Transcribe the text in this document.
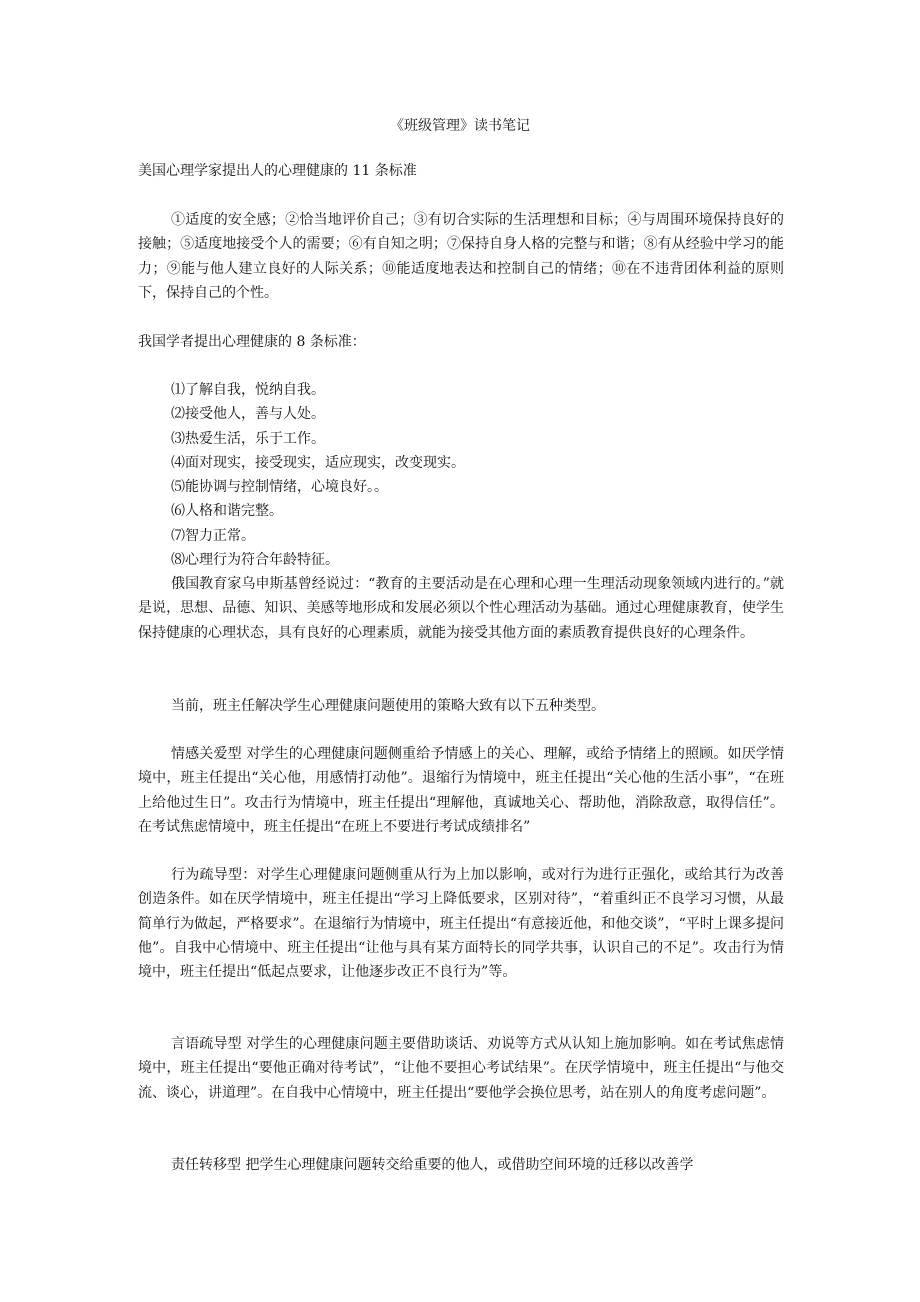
《班级管理》读书笔记

美国心理学家提出人的心理健康的 11 条标准

①适度的安全感；②恰当地评价自己；③有切合实际的生活理想和目标；④与周围环境保持良好的接触；⑤适度地接受个人的需要；⑥有自知之明；⑦保持自身人格的完整与和谐；⑧有从经验中学习的能力；⑨能与他人建立良好的人际关系；⑩能适度地表达和控制自己的情绪；⑩在不违背团体利益的原则下，保持自己的个性。

我国学者提出心理健康的 8 条标准：

⑴了解自我，悦纳自我。
⑵接受他人，善与人处。
⑶热爱生活，乐于工作。
⑷面对现实，接受现实，适应现实，改变现实。
⑸能协调与控制情绪，心境良好。。
⑹人格和谐完整。
⑺智力正常。
⑻心理行为符合年龄特征。

俄国教育家乌申斯基曾经说过：“教育的主要活动是在心理和心理一生理活动现象领域内进行的。”就是说，思想、品德、知识、美感等地形成和发展必须以个性心理活动为基础。通过心理健康教育，使学生保持健康的心理状态，具有良好的心理素质，就能为接受其他方面的素质教育提供良好的心理条件。

当前，班主任解决学生心理健康问题使用的策略大致有以下五种类型。

情感关爱型 对学生的心理健康问题侧重给予情感上的关心、理解，或给予情绪上的照顾。如厌学情境中，班主任提出“关心他，用感情打动他”。退缩行为情境中，班主任提出“关心他的生活小事”，“在班上给他过生日”。攻击行为情境中，班主任提出“理解他，真诚地关心、帮助他，消除敌意，取得信任”。在考试焦虑情境中，班主任提出“在班上不要进行考试成绩排名”

行为疏导型：对学生心理健康问题侧重从行为上加以影响，或对行为进行正强化，或给其行为改善创造条件。如在厌学情境中，班主任提出“学习上降低要求，区别对待”，“着重纠正不良学习习惯，从最简单行为做起，严格要求”。在退缩行为情境中，班主任提出“有意接近他，和他交谈”，“平时上课多提问他”。自我中心情境中、班主任提出“让他与具有某方面特长的同学共事，认识自己的不足”。攻击行为情境中，班主任提出“低起点要求，让他逐步改正不良行为”等。

言语疏导型 对学生的心理健康问题主要借助谈话、劝说等方式从认知上施加影响。如在考试焦虑情境中，班主任提出“要他正确对待考试”，“让他不要担心考试结果”。在厌学情境中，班主任提出“与他交流、谈心，讲道理”。在自我中心情境中，班主任提出“要他学会换位思考，站在别人的角度考虑问题”。

责任转移型 把学生心理健康问题转交给重要的他人，或借助空间环境的迁移以改善学
